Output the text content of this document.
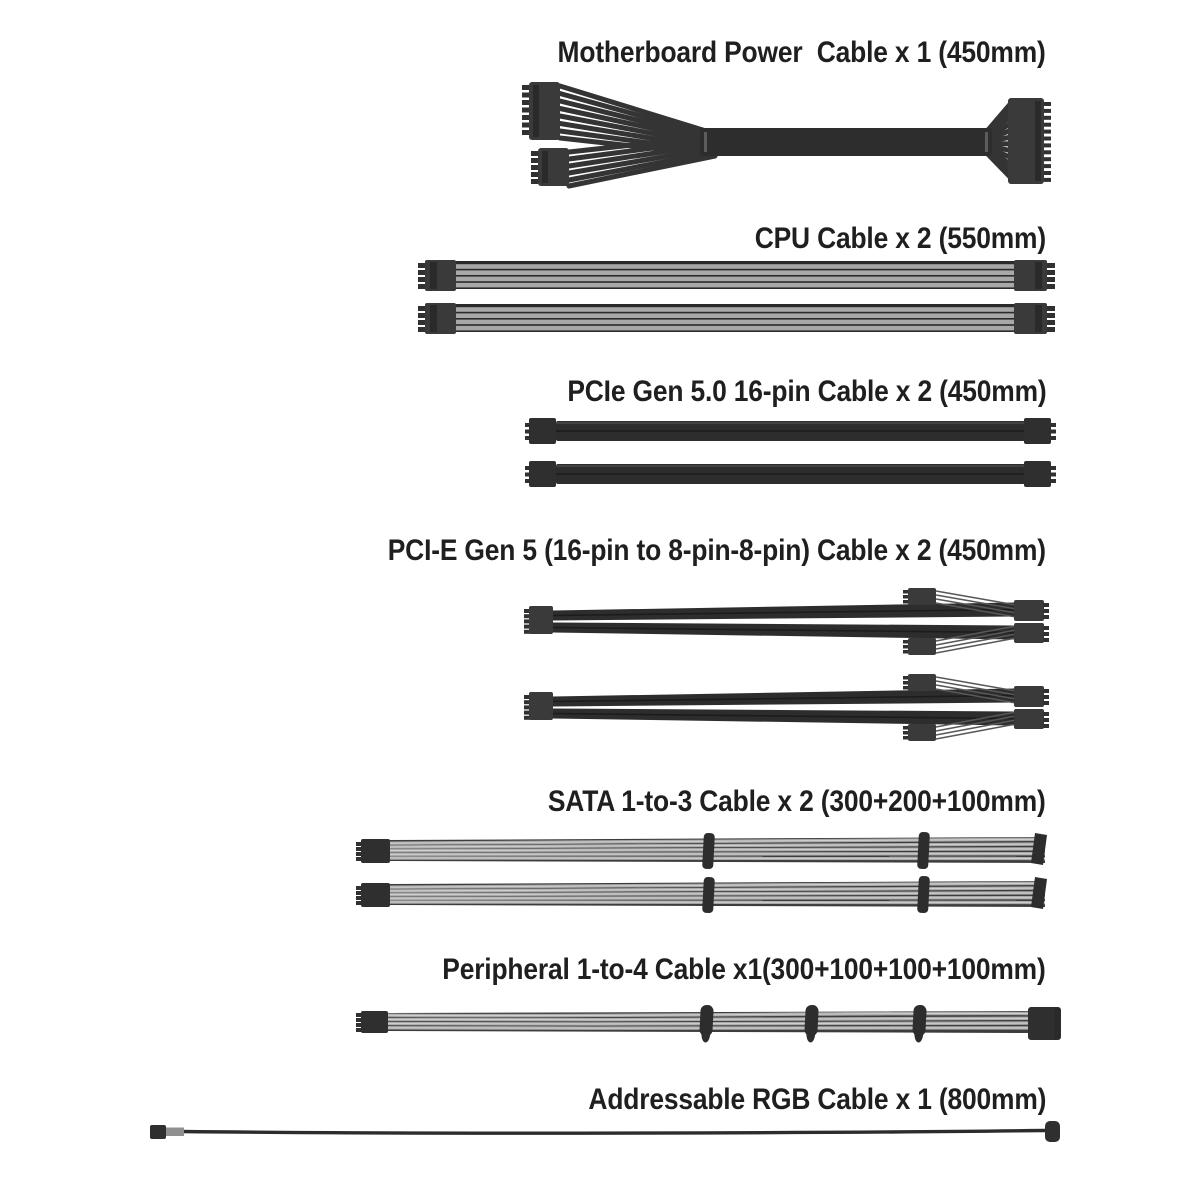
Motherboard Power  Cable x 1 (450mm)
CPU Cable x 2 (550mm)
PCIe Gen 5.0 16-pin Cable x 2 (450mm)
PCI-E Gen 5 (16-pin to 8-pin-8-pin) Cable x 2 (450mm)
SATA 1-to-3 Cable x 2 (300+200+100mm)
Peripheral 1-to-4 Cable x1(300+100+100+100mm)
Addressable RGB Cable x 1 (800mm)
